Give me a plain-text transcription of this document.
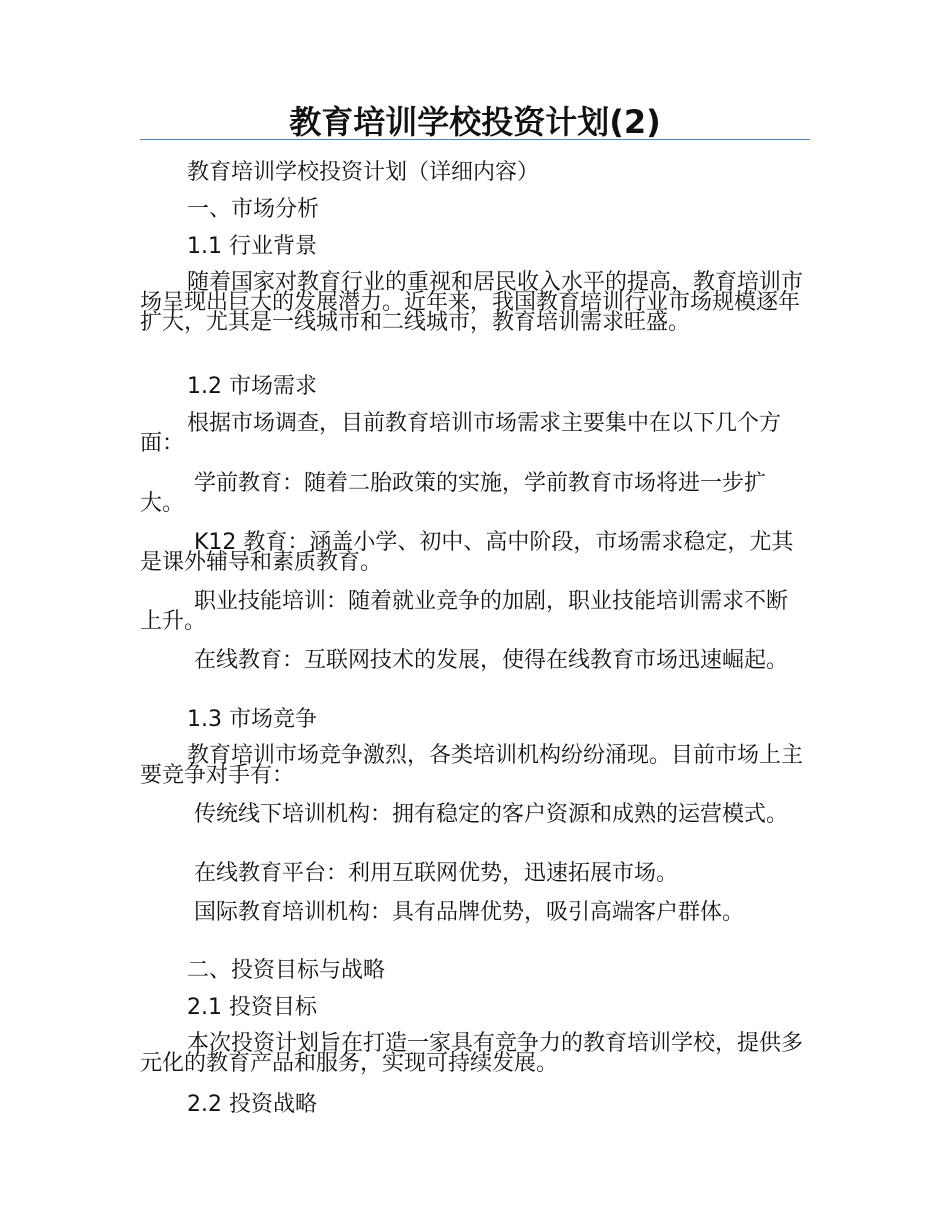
教育培训学校投资计划(2)
教育培训学校投资计划（详细内容）
一、市场分析
1.1 行业背景

随着国家对教育行业的重视和居民收入水平的提高，教育培训市场呈现出巨大的发展潜力。近年来，我国教育培训行业市场规模逐年扩大，尤其是一线城市和二线城市，教育培训需求旺盛。

1.2 市场需求

根据市场调查，目前教育培训市场需求主要集中在以下几个方面：

学前教育：随着二胎政策的实施，学前教育市场将进一步扩大。

K12 教育：涵盖小学、初中、高中阶段，市场需求稳定，尤其是课外辅导和素质教育。

职业技能培训：随着就业竞争的加剧，职业技能培训需求不断上升。

在线教育：互联网技术的发展，使得在线教育市场迅速崛起。

1.3 市场竞争

教育培训市场竞争激烈，各类培训机构纷纷涌现。目前市场上主要竞争对手有：

传统线下培训机构：拥有稳定的客户资源和成熟的运营模式。

在线教育平台：利用互联网优势，迅速拓展市场。

国际教育培训机构：具有品牌优势，吸引高端客户群体。

二、投资目标与战略
2.1 投资目标

本次投资计划旨在打造一家具有竞争力的教育培训学校，提供多元化的教育产品和服务，实现可持续发展。

2.2 投资战略
